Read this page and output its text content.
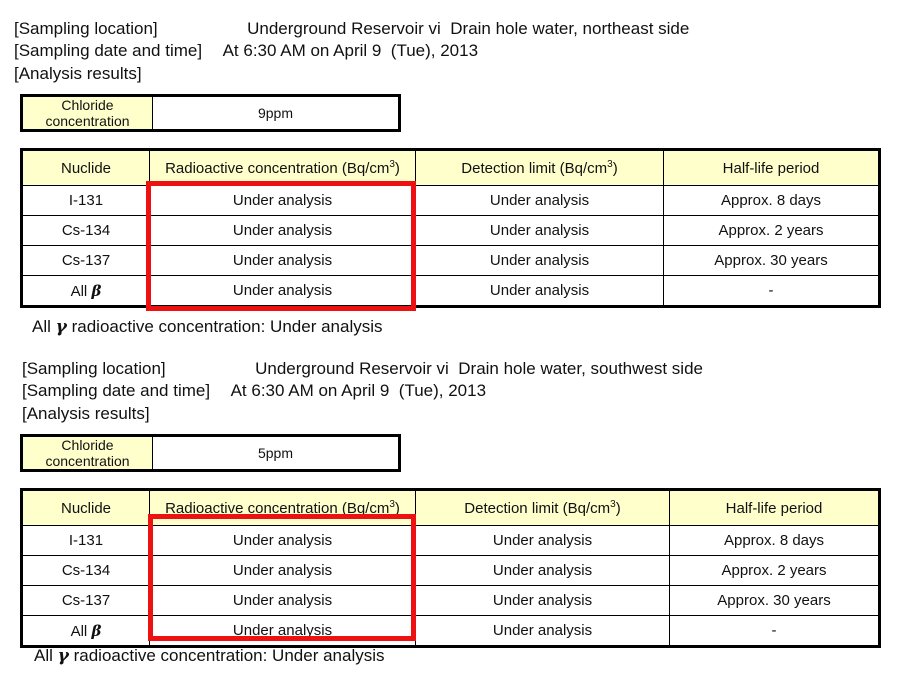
[Sampling location]	Underground Reservoir vi  Drain hole water, northeast side
[Sampling date and time] At 6:30 AM on April 9  (Tue), 2013
[Analysis results]
Chloride concentration	9ppm
Nuclide	Radioactive concentration $(Bq/cm^3)$	Detection limit $(Bq/cm^3)$	Half-life period
I-131	Under analysis	Under analysis	Approx. 8 days
Cs-134	Under analysis	Under analysis	Approx. 2 years
Cs-137	Under analysis	Under analysis	Approx. 30 years
All β	Under analysis	Under analysis	-
All γ radioactive concentration: Under analysis
[Sampling location]	Underground Reservoir vi  Drain hole water, southwest side
[Sampling date and time] At 6:30 AM on April 9  (Tue), 2013
[Analysis results]
Chloride concentration	5ppm
Nuclide	Radioactive concentration $(Bq/cm^3)$	Detection limit $(Bq/cm^3)$	Half-life period
I-131	Under analysis	Under analysis	Approx. 8 days
Cs-134	Under analysis	Under analysis	Approx. 2 years
Cs-137	Under analysis	Under analysis	Approx. 30 years
All β	Under analysis	Under analysis	-
All γ radioactive concentration: Under analysis
